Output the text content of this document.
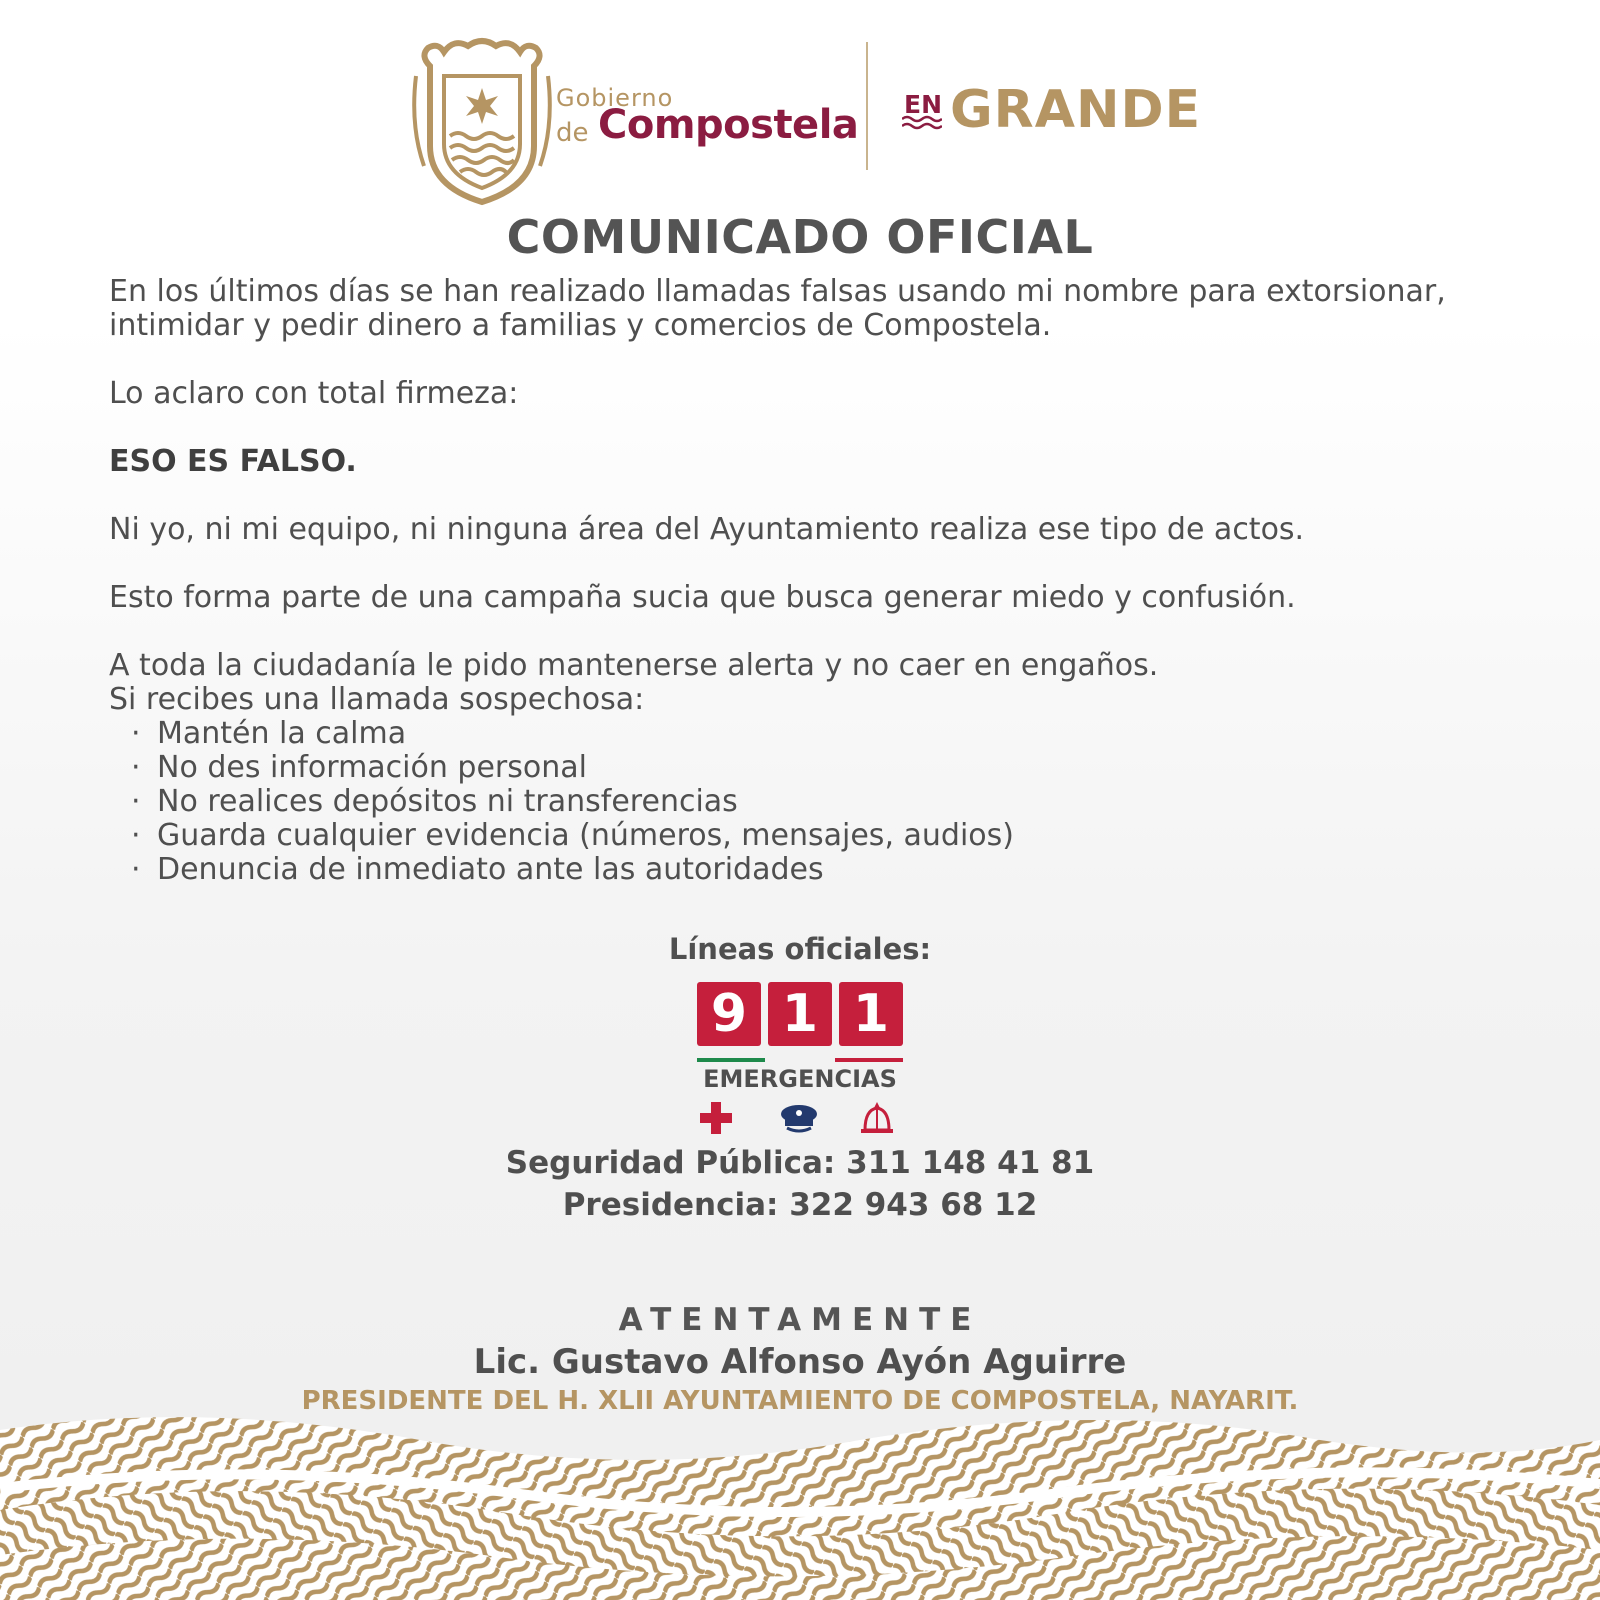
Gobierno
de Compostela EN GRANDE
COMUNICADO OFICIAL

En los últimos días se han realizado llamadas falsas usando mi nombre para extorsionar,

intimidar y pedir dinero a familias y comercios de Compostela.

Lo aclaro con total firmeza:

ESO ES FALSO.

Ni yo, ni mi equipo, ni ninguna área del Ayuntamiento realiza ese tipo de actos.

Esto forma parte de una campaña sucia que busca generar miedo y confusión.

A toda la ciudadanía le pido mantenerse alerta y no caer en engaños.

Si recibes una llamada sospechosa:

· Mantén la calma
· No des información personal
· No realices depósitos ni transferencias
· Guarda cualquier evidencia (números, mensajes, audios)
· Denuncia de inmediato ante las autoridades
Líneas oficiales:
9 1 1
EMERGENCIAS
Seguridad Pública: 311 148 41 81
Presidencia: 322 943 68 12
ATENTAMENTE
Lic. Gustavo Alfonso Ayón Aguirre
PRESIDENTE DEL H. XLII AYUNTAMIENTO DE COMPOSTELA, NAYARIT.
